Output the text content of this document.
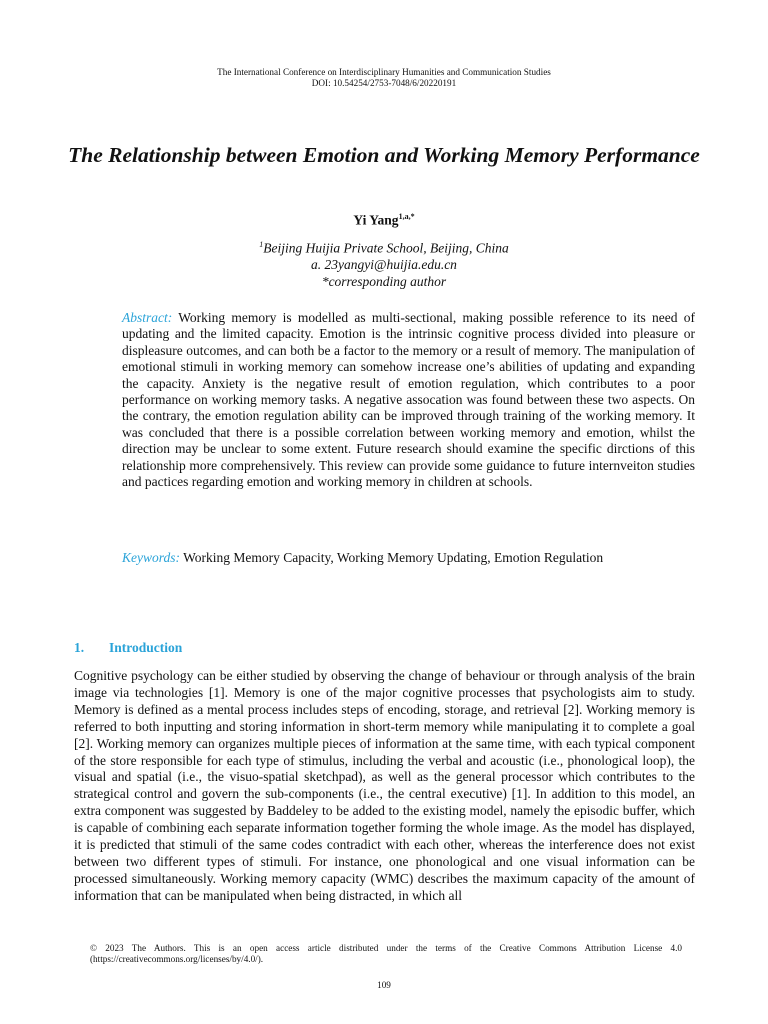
The International Conference on Interdisciplinary Humanities and Communication Studies
DOI: 10.54254/2753-7048/6/20220191
The Relationship between Emotion and Working Memory Performance
Yi Yang$^{1,a,*}$
$^1$Beijing Huijia Private School, Beijing, China
a. 23yangyi@huijia.edu.cn
*corresponding author
Abstract: Working memory is modelled as multi-sectional, making possible reference to its need of updating and the limited capacity. Emotion is the intrinsic cognitive process divided into pleasure or displeasure outcomes, and can both be a factor to the memory or a result of memory. The manipulation of emotional stimuli in working memory can somehow increase one’s abilities of updating and expanding the capacity. Anxiety is the negative result of emotion regulation, which contributes to a poor performance on working memory tasks. A negative assocation was found between these two aspects. On the contrary, the emotion regulation ability can be improved through training of the working memory. It was concluded that there is a possible correlation between working memory and emotion, whilst the direction may be unclear to some extent. Future research should examine the specific dirctions of this relationship more comprehensively. This review can provide some guidance to future internveiton studies and pactices regarding emotion and working memory in children at schools.
Keywords: Working Memory Capacity, Working Memory Updating, Emotion Regulation
1. Introduction
Cognitive psychology can be either studied by observing the change of behaviour or through analysis of the brain image via technologies [1]. Memory is one of the major cognitive processes that psychologists aim to study. Memory is defined as a mental process includes steps of encoding, storage, and retrieval [2]. Working memory is referred to both inputting and storing information in short-term memory while manipulating it to complete a goal [2]. Working memory can organizes multiple pieces of information at the same time, with each typical component of the store responsible for each type of stimulus, including the verbal and acoustic (i.e., phonological loop), the visual and spatial (i.e., the visuo-spatial sketchpad), as well as the general processor which contributes to the strategical control and govern the sub-components (i.e., the central executive) [1]. In addition to this model, an extra component was suggested by Baddeley to be added to the existing model, namely the episodic buffer, which is capable of combining each separate information together forming the whole image. As the model has displayed, it is predicted that stimuli of the same codes contradict with each other, whereas the interference does not exist between two different types of stimuli. For instance, one phonological and one visual information can be processed simultaneously. Working memory capacity (WMC) describes the maximum capacity of the amount of information that can be manipulated when being distracted, in which all
© 2023 The Authors. This is an open access article distributed under the terms of the Creative Commons Attribution License 4.0 (https://creativecommons.org/licenses/by/4.0/).
109
